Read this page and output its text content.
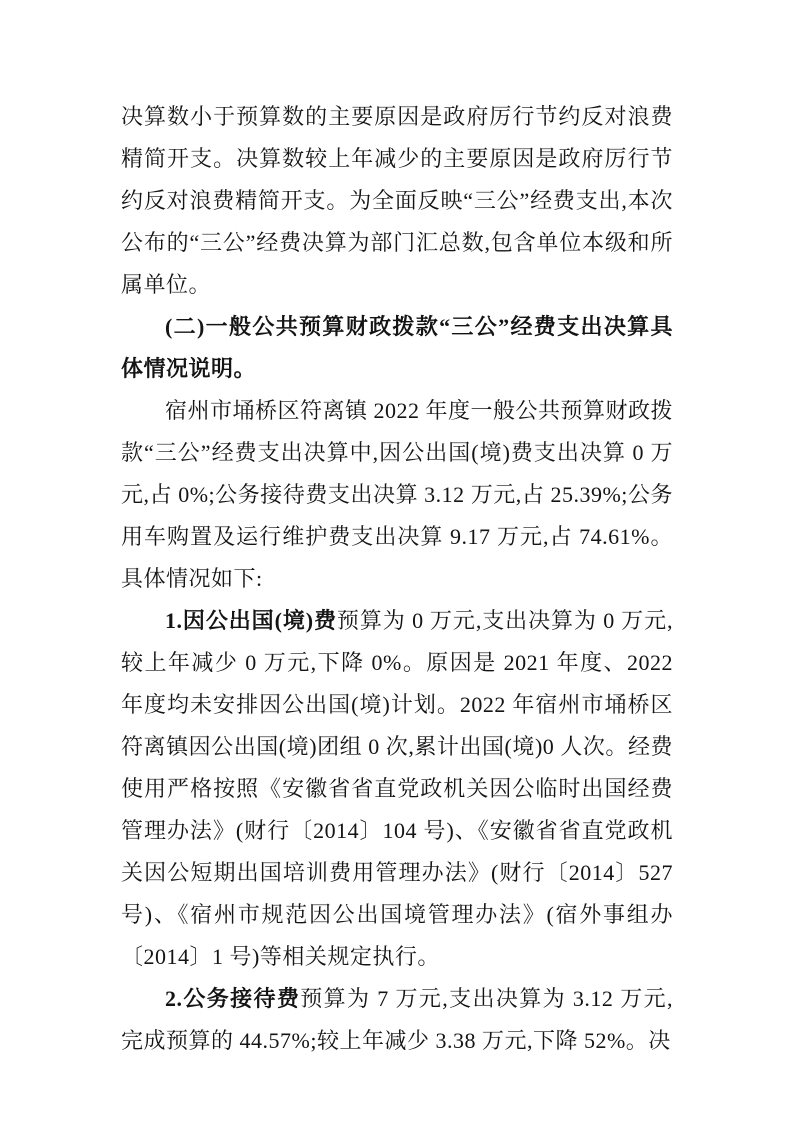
决算数小于预算数的主要原因是政府厉行节约反对浪费精简开支。决算数较上年减少的主要原因是政府厉行节约反对浪费精简开支。为全面反映“三公”经费支出,本次公布的“三公”经费决算为部门汇总数,包含单位本级和所属单位。

(二)一般公共预算财政拨款“三公”经费支出决算具体情况说明。

宿州市埇桥区符离镇 2022 年度一般公共预算财政拨款“三公”经费支出决算中,因公出国(境)费支出决算 0 万元,占 0%;公务接待费支出决算 3.12 万元,占 25.39%;公务用车购置及运行维护费支出决算 9.17 万元,占 74.61%。具体情况如下:

1.因公出国(境)费预算为 0 万元,支出决算为 0 万元,较上年减少 0 万元,下降 0%。原因是 2021 年度、2022 年度均未安排因公出国(境)计划。2022 年宿州市埇桥区符离镇因公出国(境)团组 0 次,累计出国(境)0 人次。经费使用严格按照《安徽省省直党政机关因公临时出国经费管理办法》(财行〔2014〕104 号)、《安徽省省直党政机关因公短期出国培训费用管理办法》(财行〔2014〕527 号)、《宿州市规范因公出国境管理办法》(宿外事组办〔2014〕1 号)等相关规定执行。

2.公务接待费预算为 7 万元,支出决算为 3.12 万元,完成预算的 44.57%;较上年减少 3.38 万元,下降 52%。决
